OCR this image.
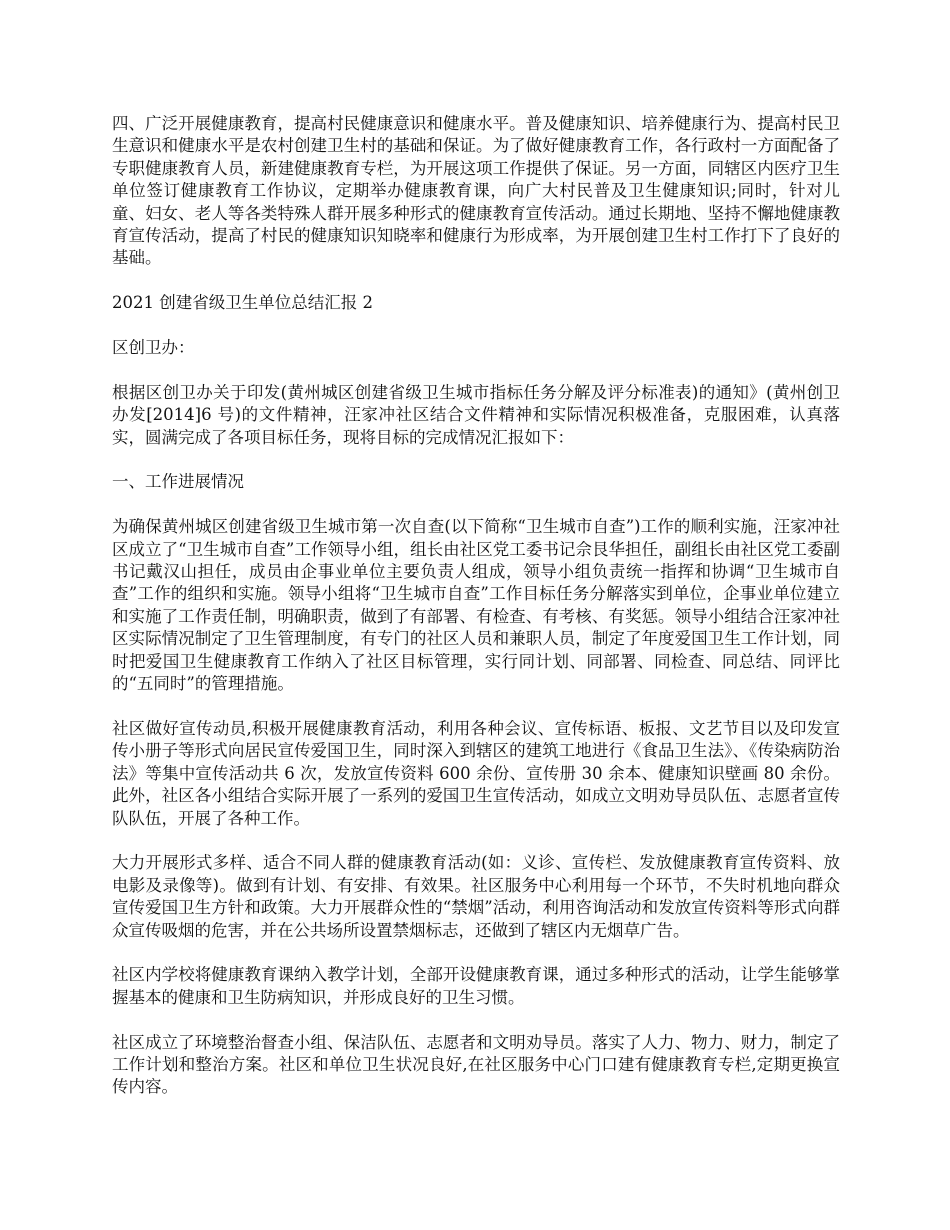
四、广泛开展健康教育，提高村民健康意识和健康水平。普及健康知识、培养健康行为、提高村民卫生意识和健康水平是农村创建卫生村的基础和保证。为了做好健康教育工作，各行政村一方面配备了专职健康教育人员，新建健康教育专栏，为开展这项工作提供了保证。另一方面，同辖区内医疗卫生单位签订健康教育工作协议，定期举办健康教育课，向广大村民普及卫生健康知识;同时，针对儿童、妇女、老人等各类特殊人群开展多种形式的健康教育宣传活动。通过长期地、坚持不懈地健康教育宣传活动，提高了村民的健康知识知晓率和健康行为形成率，为开展创建卫生村工作打下了良好的基础。

2021 创建省级卫生单位总结汇报 2

区创卫办：

根据区创卫办关于印发(黄州城区创建省级卫生城市指标任务分解及评分标准表)的通知》(黄州创卫办发[2014]6 号)的文件精神，汪家冲社区结合文件精神和实际情况积极准备，克服困难，认真落实，圆满完成了各项目标任务，现将目标的完成情况汇报如下：

一、工作进展情况

为确保黄州城区创建省级卫生城市第一次自查(以下简称“卫生城市自查”)工作的顺利实施，汪家冲社区成立了“卫生城市自查”工作领导小组，组长由社区党工委书记佘艮华担任，副组长由社区党工委副书记戴汉山担任，成员由企事业单位主要负责人组成，领导小组负责统一指挥和协调“卫生城市自查”工作的组织和实施。领导小组将“卫生城市自查”工作目标任务分解落实到单位，企事业单位建立和实施了工作责任制，明确职责，做到了有部署、有检查、有考核、有奖惩。领导小组结合汪家冲社区实际情况制定了卫生管理制度，有专门的社区人员和兼职人员，制定了年度爱国卫生工作计划，同时把爱国卫生健康教育工作纳入了社区目标管理，实行同计划、同部署、同检查、同总结、同评比的“五同时”的管理措施。

社区做好宣传动员,积极开展健康教育活动，利用各种会议、宣传标语、板报、文艺节目以及印发宣传小册子等形式向居民宣传爱国卫生，同时深入到辖区的建筑工地进行《食品卫生法》、《传染病防治法》等集中宣传活动共 6 次，发放宣传资料 600 余份、宣传册 30 余本、健康知识壁画 80 余份。此外，社区各小组结合实际开展了一系列的爱国卫生宣传活动，如成立文明劝导员队伍、志愿者宣传队队伍，开展了各种工作。

大力开展形式多样、适合不同人群的健康教育活动(如：义诊、宣传栏、发放健康教育宣传资料、放电影及录像等)。做到有计划、有安排、有效果。社区服务中心利用每一个环节，不失时机地向群众宣传爱国卫生方针和政策。大力开展群众性的“禁烟”活动，利用咨询活动和发放宣传资料等形式向群众宣传吸烟的危害，并在公共场所设置禁烟标志，还做到了辖区内无烟草广告。

社区内学校将健康教育课纳入教学计划，全部开设健康教育课，通过多种形式的活动，让学生能够掌握基本的健康和卫生防病知识，并形成良好的卫生习惯。

社区成立了环境整治督查小组、保洁队伍、志愿者和文明劝导员。落实了人力、物力、财力，制定了工作计划和整治方案。社区和单位卫生状况良好,在社区服务中心门口建有健康教育专栏,定期更换宣传内容。
